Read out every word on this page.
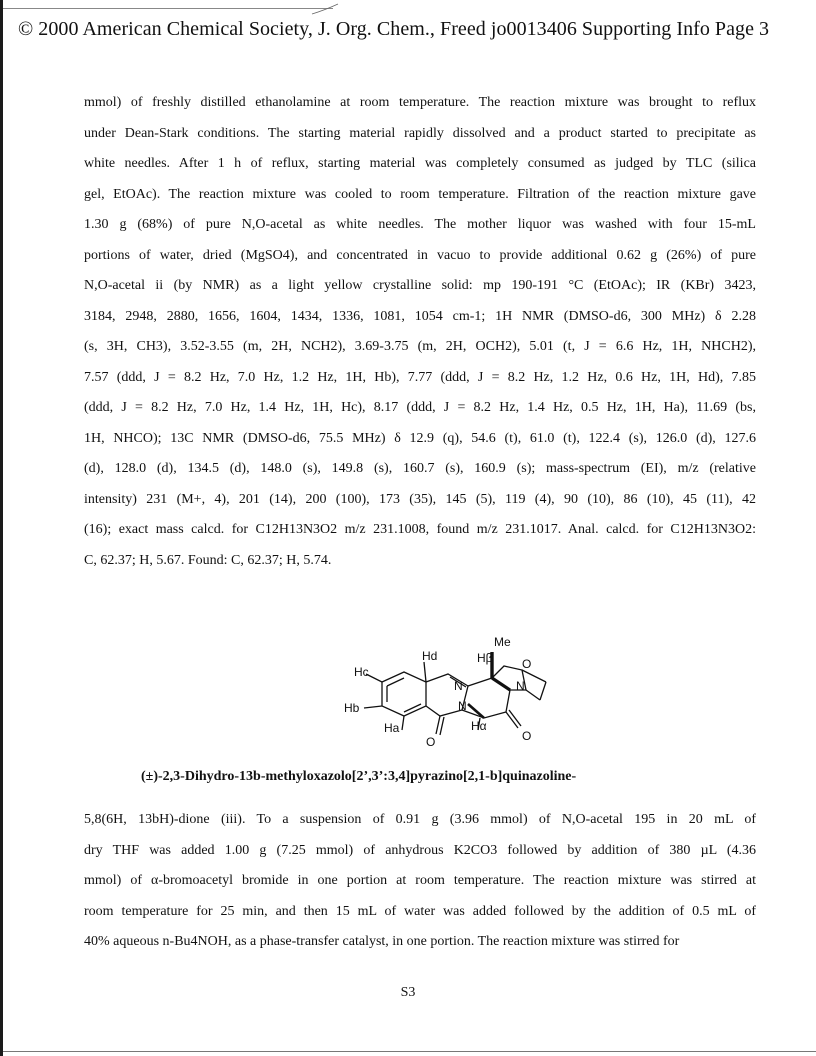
© 2000 American Chemical Society, J. Org. Chem., Freed jo0013406 Supporting Info Page 3
mmol) of freshly distilled ethanolamine at room temperature. The reaction mixture was brought to reflux
under Dean-Stark conditions. The starting material rapidly dissolved and a product started to precipitate as
white needles. After 1 h of reflux, starting material was completely consumed as judged by TLC (silica
gel, EtOAc). The reaction mixture was cooled to room temperature. Filtration of the reaction mixture gave
1.30 g (68%) of pure N,O-acetal as white needles. The mother liquor was washed with four 15-mL
portions of water, dried (MgSO4), and concentrated in vacuo to provide additional 0.62 g (26%) of pure
N,O-acetal ii (by NMR) as a light yellow crystalline solid: mp 190-191 °C (EtOAc); IR (KBr) 3423,
3184, 2948, 2880, 1656, 1604, 1434, 1336, 1081, 1054 cm-1; 1H NMR (DMSO-d6, 300 MHz) δ 2.28
(s, 3H, CH3), 3.52-3.55 (m, 2H, NCH2), 3.69-3.75 (m, 2H, OCH2), 5.01 (t, J = 6.6 Hz, 1H, NHCH2),
7.57 (ddd, J = 8.2 Hz, 7.0 Hz, 1.2 Hz, 1H, Hb), 7.77 (ddd, J = 8.2 Hz, 1.2 Hz, 0.6 Hz, 1H, Hd), 7.85
(ddd, J = 8.2 Hz, 7.0 Hz, 1.4 Hz, 1H, Hc), 8.17 (ddd, J = 8.2 Hz, 1.4 Hz, 0.5 Hz, 1H, Ha), 11.69 (bs,
1H, NHCO); 13C NMR (DMSO-d6, 75.5 MHz) δ 12.9 (q), 54.6 (t), 61.0 (t), 122.4 (s), 126.0 (d), 127.6
(d), 128.0 (d), 134.5 (d), 148.0 (s), 149.8 (s), 160.7 (s), 160.9 (s); mass-spectrum (EI), m/z (relative
intensity) 231 (M+, 4), 201 (14), 200 (100), 173 (35), 145 (5), 119 (4), 90 (10), 86 (10), 45 (11), 42
(16); exact mass calcd. for C12H13N3O2 m/z 231.1008, found m/z 231.1017. Anal. calcd. for C12H13N3O2:
C, 62.37; H, 5.67. Found: C, 62.37; H, 5.74.
Me
Hd	Hβ
Hc
Hb
Ha	Hα
N
N
N
O
O	O
(±)-2,3-Dihydro-13b-methyloxazolo[2’,3’:3,4]pyrazino[2,1-b]quinazoline-
5,8(6H, 13bH)-dione (iii). To a suspension of 0.91 g (3.96 mmol) of N,O-acetal 195 in 20 mL of
dry THF was added 1.00 g (7.25 mmol) of anhydrous K2CO3 followed by addition of 380 µL (4.36
mmol) of α-bromoacetyl bromide in one portion at room temperature. The reaction mixture was stirred at
room temperature for 25 min, and then 15 mL of water was added followed by the addition of 0.5 mL of
40% aqueous n-Bu4NOH, as a phase-transfer catalyst, in one portion. The reaction mixture was stirred for
S3
